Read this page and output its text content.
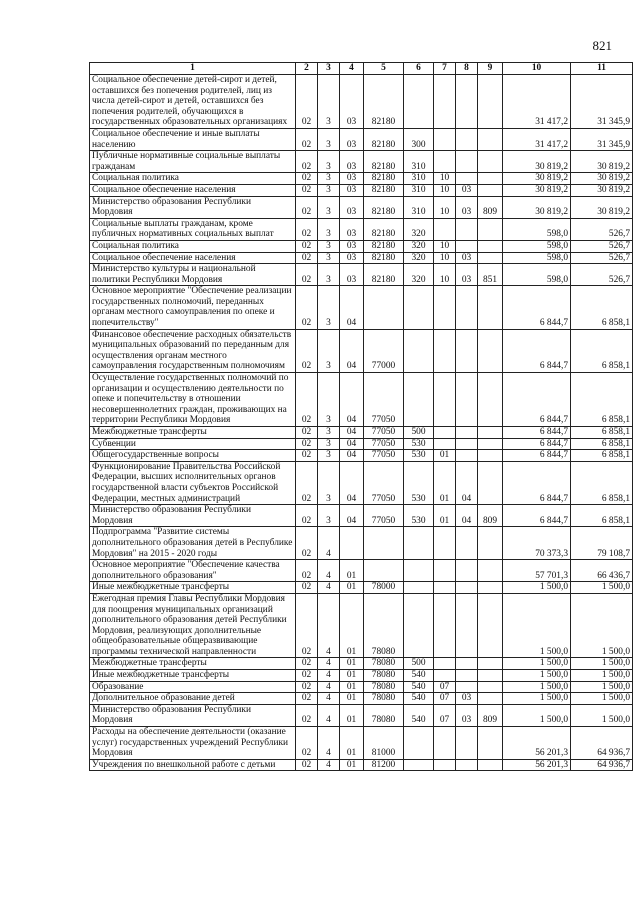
821
1	2	3	4	5	6	7	8	9	10	11
Социальное обеспечение детей-сирот и детей, оставшихся без попечения родителей, лиц из числа детей-сирот и детей, оставшихся без попечения родителей, обучающихся в государственных образовательных организациях	02	3	03	82180					31 417,2	31 345,9
Социальное обеспечение и иные выплаты населению	02	3	03	82180	300				31 417,2	31 345,9
Публичные нормативные социальные выплаты гражданам	02	3	03	82180	310				30 819,2	30 819,2
Социальная политика	02	3	03	82180	310	10			30 819,2	30 819,2
Социальное обеспечение населения	02	3	03	82180	310	10	03		30 819,2	30 819,2
Министерство образования Республики Мордовия	02	3	03	82180	310	10	03	809	30 819,2	30 819,2
Социальные выплаты гражданам, кроме публичных нормативных социальных выплат	02	3	03	82180	320				598,0	526,7
Социальная политика	02	3	03	82180	320	10			598,0	526,7
Социальное обеспечение населения	02	3	03	82180	320	10	03		598,0	526,7
Министерство культуры и национальной политики Республики Мордовия	02	3	03	82180	320	10	03	851	598,0	526,7
Основное мероприятие "Обеспечение реализации государственных полномочий, переданных органам местного самоуправления по опеке и попечительству"	02	3	04						6 844,7	6 858,1
Финансовое обеспечение расходных обязательств муниципальных образований по переданным для осуществления органам местного самоуправления государственным полномочиям	02	3	04	77000					6 844,7	6 858,1
Осуществление государственных полномочий по организации и осуществлению деятельности по опеке и попечительству в отношении несовершеннолетних граждан, проживающих на территории Республики Мордовия	02	3	04	77050					6 844,7	6 858,1
Межбюджетные трансферты	02	3	04	77050	500				6 844,7	6 858,1
Субвенции	02	3	04	77050	530				6 844,7	6 858,1
Общегосударственные вопросы	02	3	04	77050	530	01			6 844,7	6 858,1
Функционирование Правительства Российской Федерации, высших исполнительных органов государственной власти субъектов Российской Федерации, местных администраций	02	3	04	77050	530	01	04		6 844,7	6 858,1
Министерство образования Республики Мордовия	02	3	04	77050	530	01	04	809	6 844,7	6 858,1
Подпрограмма "Развитие системы дополнительного образования детей в Республике Мордовия" на 2015 - 2020 годы	02	4							70 373,3	79 108,7
Основное мероприятие "Обеспечение качества дополнительного образования"	02	4	01						57 701,3	66 436,7
Иные межбюджетные трансферты	02	4	01	78000					1 500,0	1 500,0
Ежегодная премия Главы Республики Мордовия для поощрения муниципальных организаций дополнительного образования детей Республики Мордовия, реализующих дополнительные общеобразовательные общеразвивающие программы технической направленности	02	4	01	78080					1 500,0	1 500,0
Межбюджетные трансферты	02	4	01	78080	500				1 500,0	1 500,0
Иные межбюджетные трансферты	02	4	01	78080	540				1 500,0	1 500,0
Образование	02	4	01	78080	540	07			1 500,0	1 500,0
Дополнительное образование детей	02	4	01	78080	540	07	03		1 500,0	1 500,0
Министерство образования Республики Мордовия	02	4	01	78080	540	07	03	809	1 500,0	1 500,0
Расходы на обеспечение деятельности (оказание услуг) государственных учреждений Республики Мордовия	02	4	01	81000					56 201,3	64 936,7
Учреждения по внешкольной работе с детьми	02	4	01	81200					56 201,3	64 936,7
